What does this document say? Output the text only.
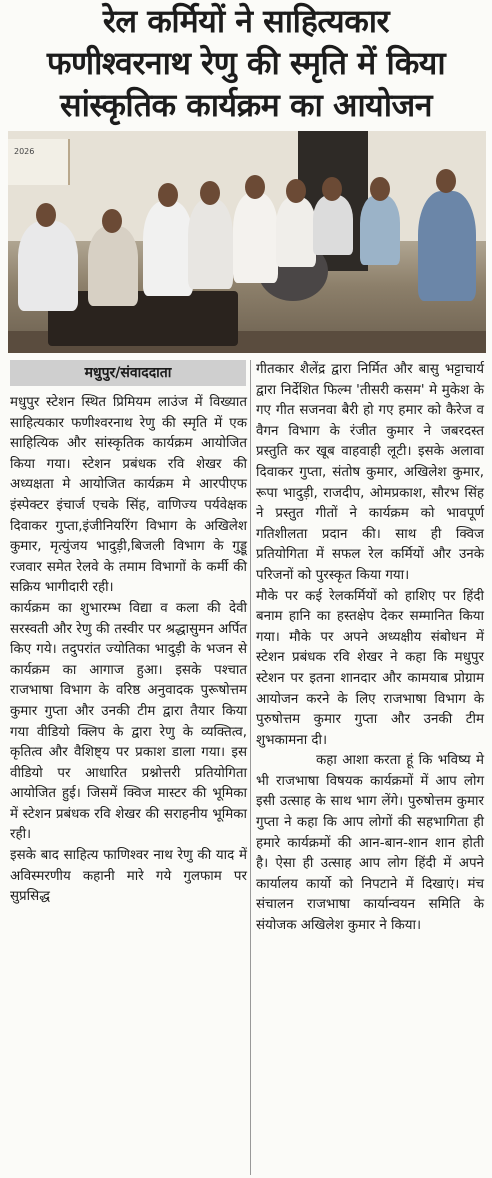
रेल कर्मियों ने साहित्यकार
फणीश्वरनाथ रेणु की स्मृति में किया
सांस्कृतिक कार्यक्रम का आयोजन
2026
मधुपुर/संवाददाता

मधुपुर स्टेशन स्थित प्रिमियम लाउंज में विख्यात साहित्यकार फणीश्वरनाथ रेणु की स्मृति में एक साहित्यिक और सांस्कृतिक कार्यक्रम आयोजित किया गया। स्टेशन प्रबंधक रवि शेखर की अध्यक्षता मे आयोजित कार्यक्रम मे आरपीएफ इंस्पेक्टर इंचार्ज एचके सिंह, वाणिज्य पर्यवेक्षक दिवाकर गुप्ता,इंजीनियरिंग विभाग के अखिलेश कुमार, मृत्युंजय भादुड़ी,बिजली विभाग के गुड्डू रजवार समेत रेलवे के तमाम विभागों के कर्मी की सक्रिय भागीदारी रही।

कार्यक्रम का शुभारम्भ विद्या व कला की देवी सरस्वती और रेणु की तस्वीर पर श्रद्धासुमन अर्पित किए गये। तदुपरांत ज्योतिका भादुड़ी के भजन से कार्यक्रम का आगाज हुआ। इसके पश्चात राजभाषा विभाग के वरिष्ठ अनुवादक पुरूषोत्तम कुमार गुप्ता और उनकी टीम द्वारा तैयार किया गया वीडियो क्लिप के द्वारा रेणु के व्यक्तित्व, कृतित्व और वैशिष्ट्य पर प्रकाश डाला गया। इस वीडियो पर आधारित प्रश्नोत्तरी प्रतियोगिता आयोजित हुई। जिसमें क्विज मास्टर की भूमिका में स्टेशन प्रबंधक रवि शेखर की सराहनीय भूमिका रही।

इसके बाद साहित्य फाणिश्वर नाथ रेणु की याद में अविस्मरणीय कहानी मारे गये गुलफाम पर सुप्रसिद्ध

गीतकार शैलेंद्र द्वारा निर्मित और बासु भट्टाचार्य द्वारा निर्देशित फिल्म 'तीसरी कसम' मे मुकेश के गए गीत सजनवा बैरी हो गए हमार को कैरेज व वैगन विभाग के रंजीत कुमार ने जबरदस्त प्रस्तुति कर खूब वाहवाही लूटी। इसके अलावा दिवाकर गुप्ता, संतोष कुमार, अखिलेश कुमार, रूपा भादुड़ी, राजदीप, ओमप्रकाश, सौरभ सिंह ने प्रस्तुत गीतों ने कार्यक्रम को भावपूर्ण गतिशीलता प्रदान की। साथ ही क्विज प्रतियोगिता में सफल रेल कर्मियों और उनके परिजनों को पुरस्कृत किया गया।

मौके पर कई रेलकर्मियों को हाशिए पर हिंदी बनाम हानि का हस्तक्षेप देकर सम्मानित किया गया। मौके पर अपने अध्यक्षीय संबोधन में स्टेशन प्रबंधक रवि शेखर ने कहा कि मधुपुर स्टेशन पर इतना शानदार और कामयाब प्रोग्राम आयोजन करने के लिए राजभाषा विभाग के पुरुषोत्तम कुमार गुप्ता और उनकी टीम शुभकामना दी।

कहा आशा करता हूं कि भविष्य मे भी राजभाषा विषयक कार्यक्रमों में आप लोग इसी उत्साह के साथ भाग लेंगे। पुरुषोत्तम कुमार गुप्ता ने कहा कि आप लोगों की सहभागिता ही हमारे कार्यक्रमों की आन-बान-शान शान होती है। ऐसा ही उत्साह आप लोग हिंदी में अपने कार्यालय कार्यो को निपटाने में दिखाएं। मंच संचालन राजभाषा कार्यान्वयन समिति के संयोजक अखिलेश कुमार ने किया।
